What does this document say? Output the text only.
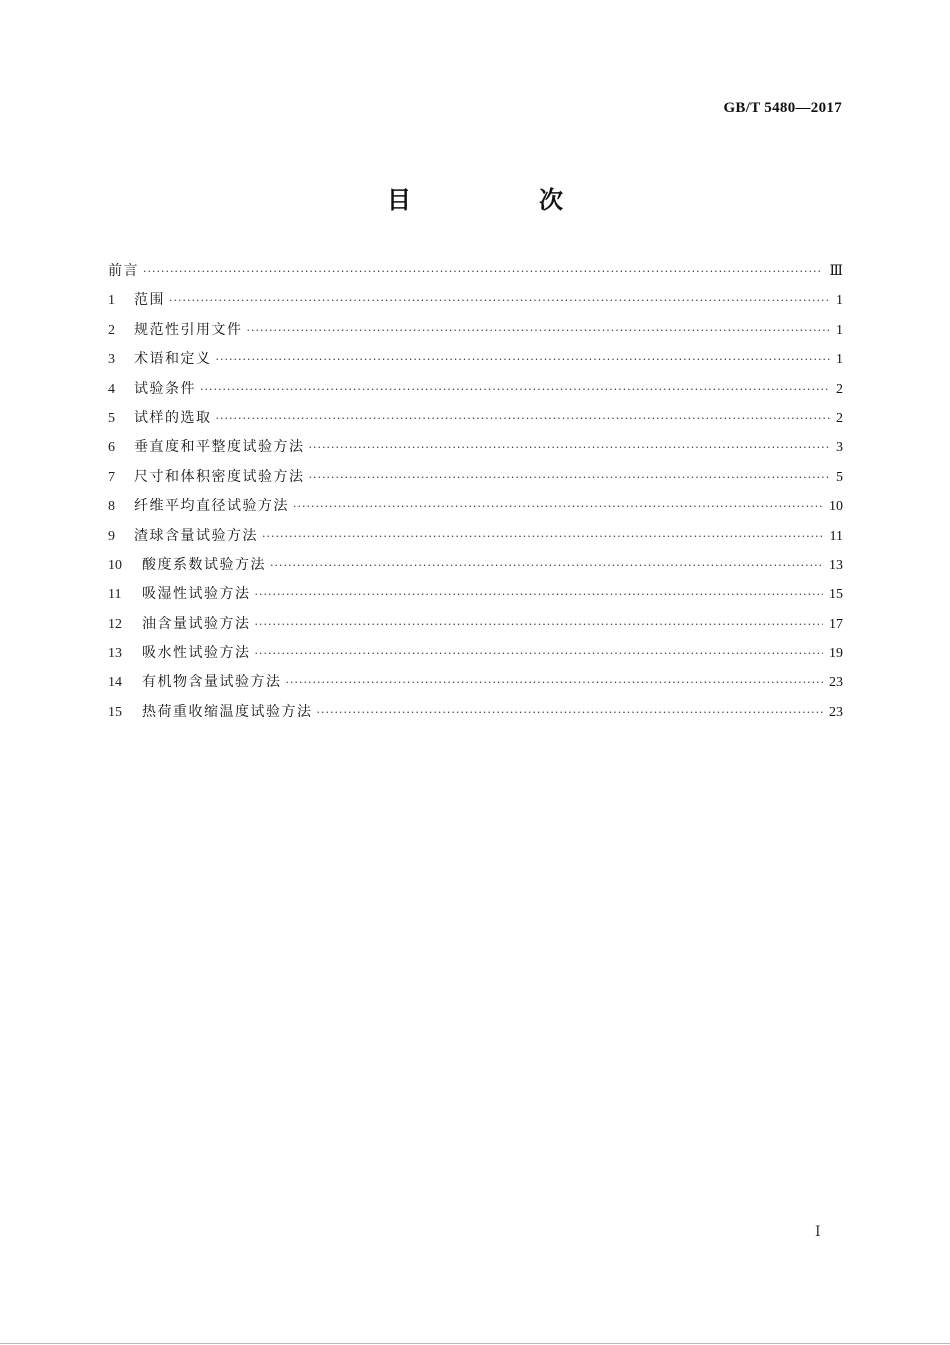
GB/T 5480—2017
目　次
前言 ·····	Ⅲ
1	范围 ·····	1
2	规范性引用文件 ·····	1
3	术语和定义 ·····	1
4	试验条件 ·····	2
5	试样的选取 ·····	2
6	垂直度和平整度试验方法 ·····	3
7	尺寸和体积密度试验方法 ·····	5
8	纤维平均直径试验方法 ·····	10
9	渣球含量试验方法 ·····	11
10	酸度系数试验方法 ·····	13
11	吸湿性试验方法 ·····	15
12	油含量试验方法 ·····	17
13	吸水性试验方法 ·····	19
14	有机物含量试验方法 ·····	23
15	热荷重收缩温度试验方法 ·····	23
Ⅰ
